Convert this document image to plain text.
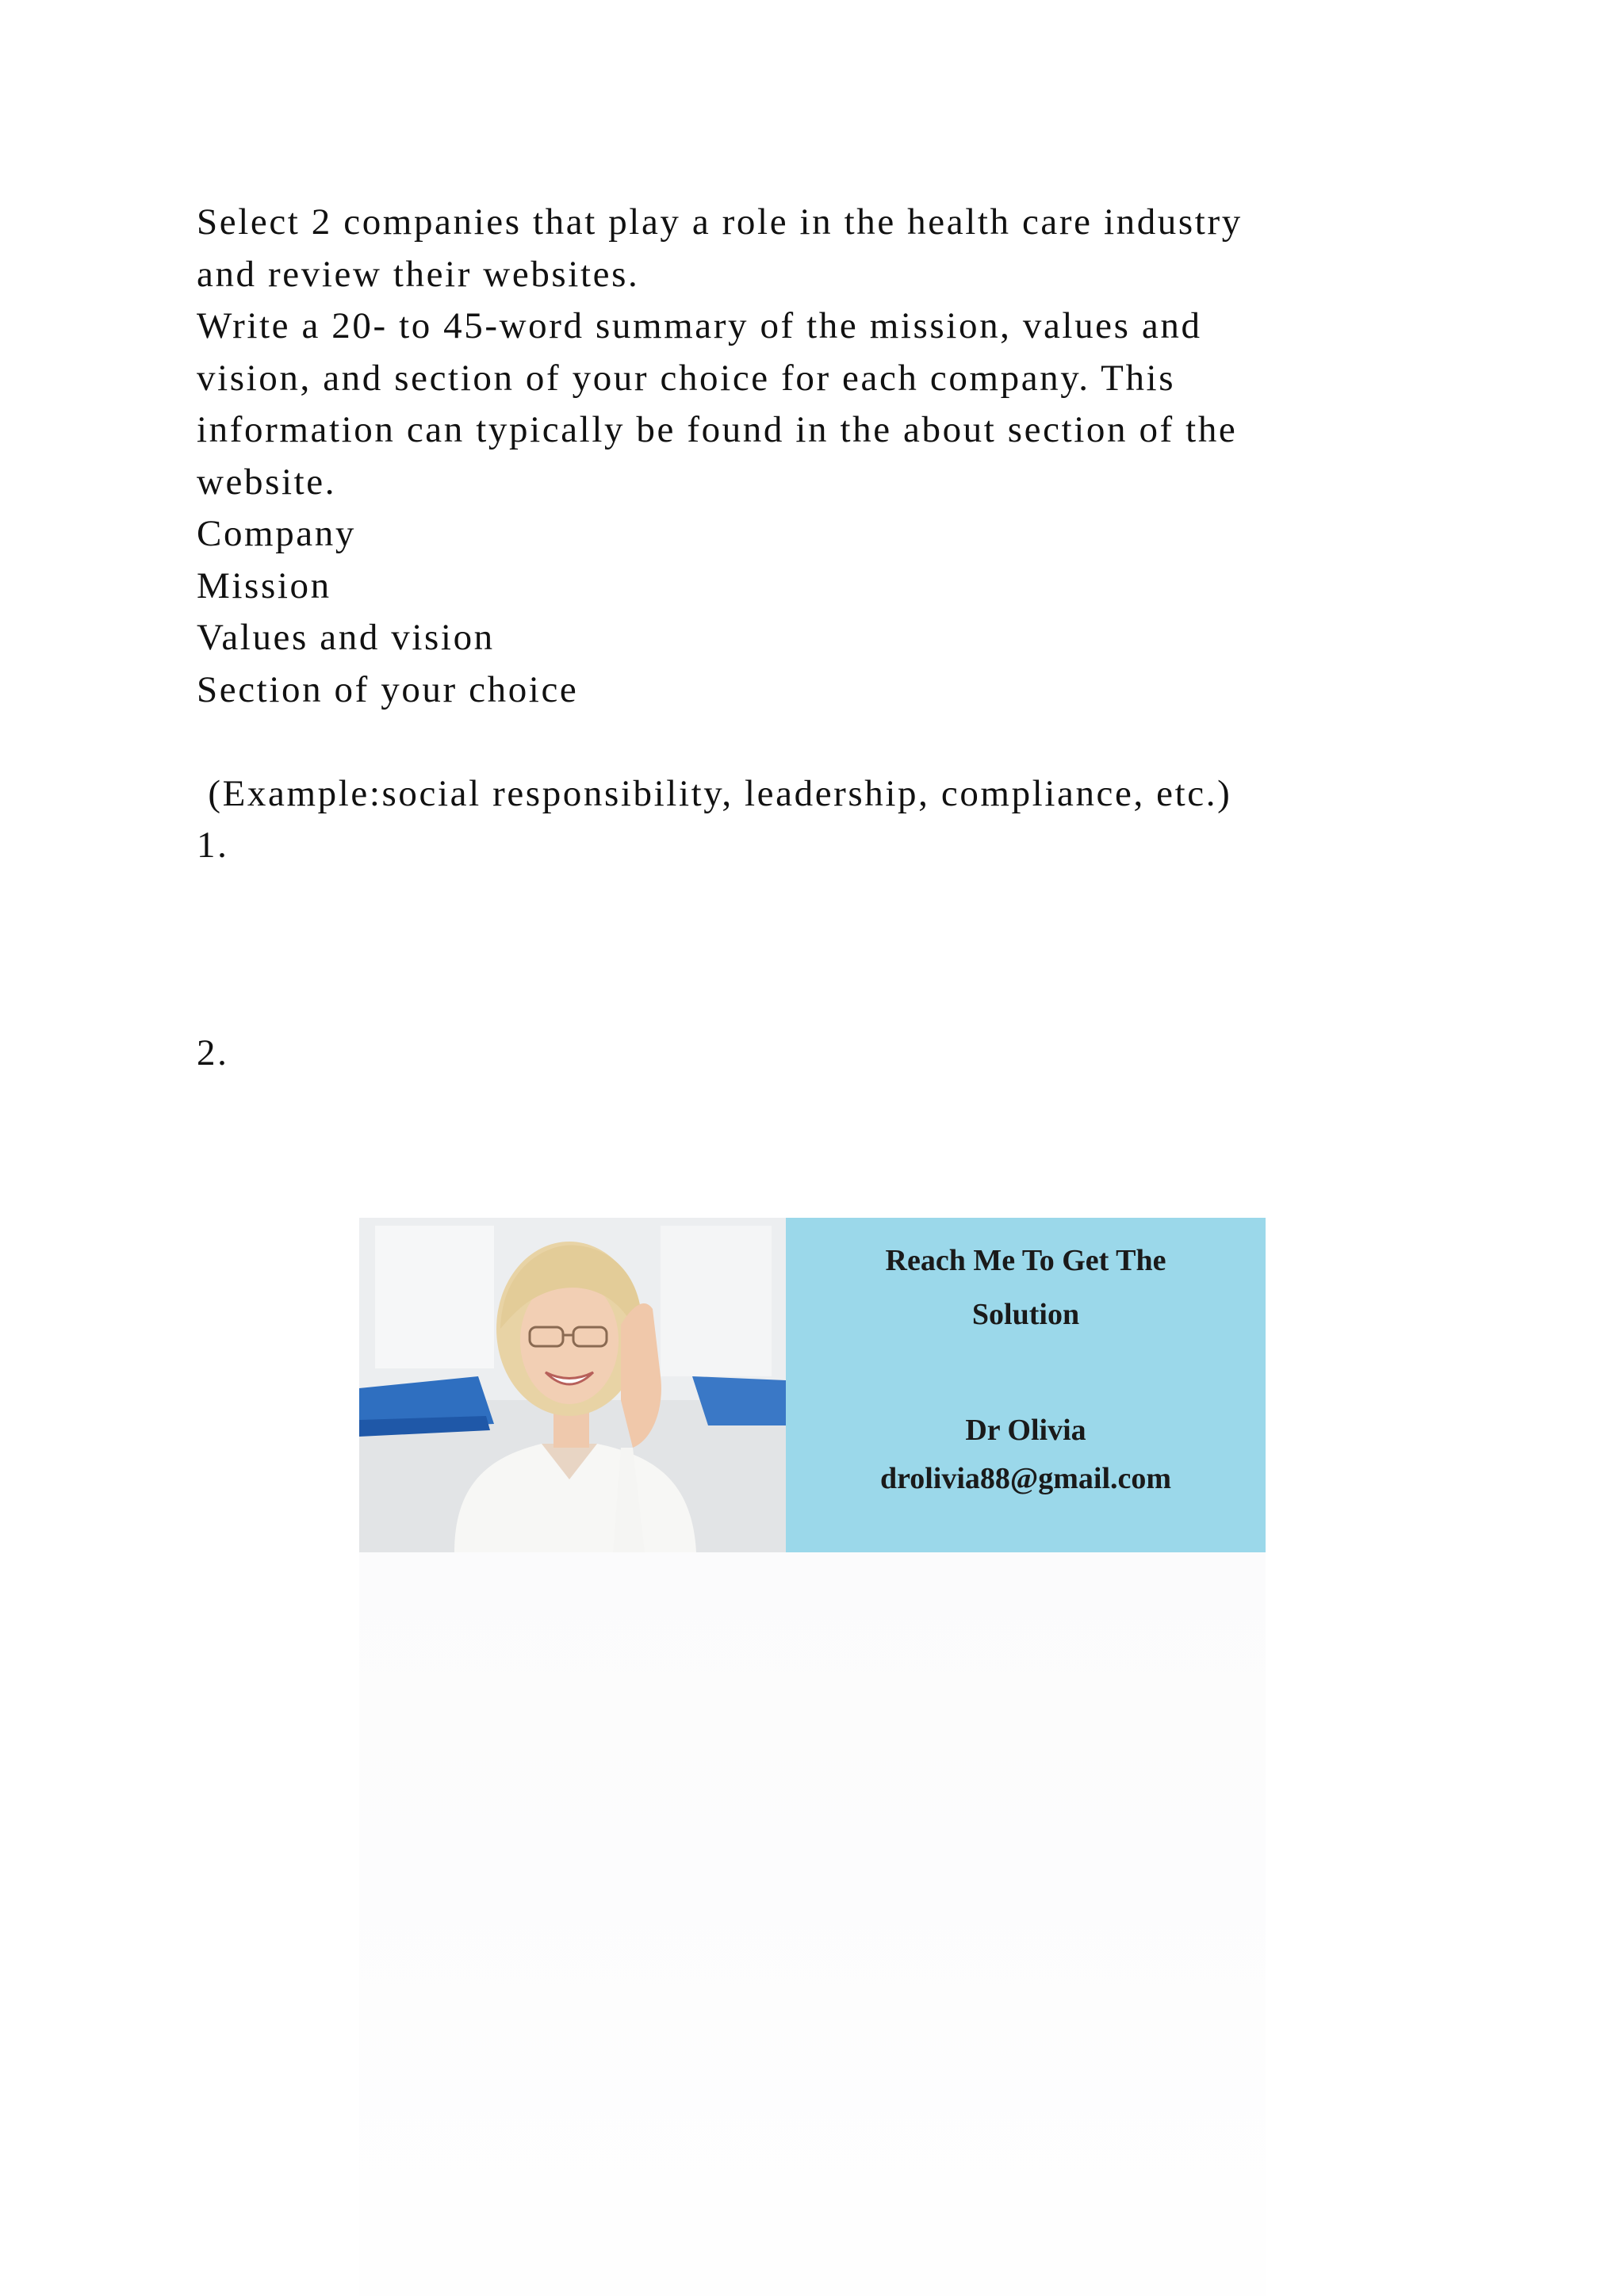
Select 2 companies that play a role in the health care industry
and review their websites.
Write a 20- to 45-word summary of the mission, values and
vision, and section of your choice for each company. This
information can typically be found in the about section of the
website.
Company
Mission
Values and vision
Section of your choice
(Example:social responsibility, leadership, compliance, etc.)
1.
2.
Reach Me To Get The
Solution
Dr Olivia
drolivia88@gmail.com
